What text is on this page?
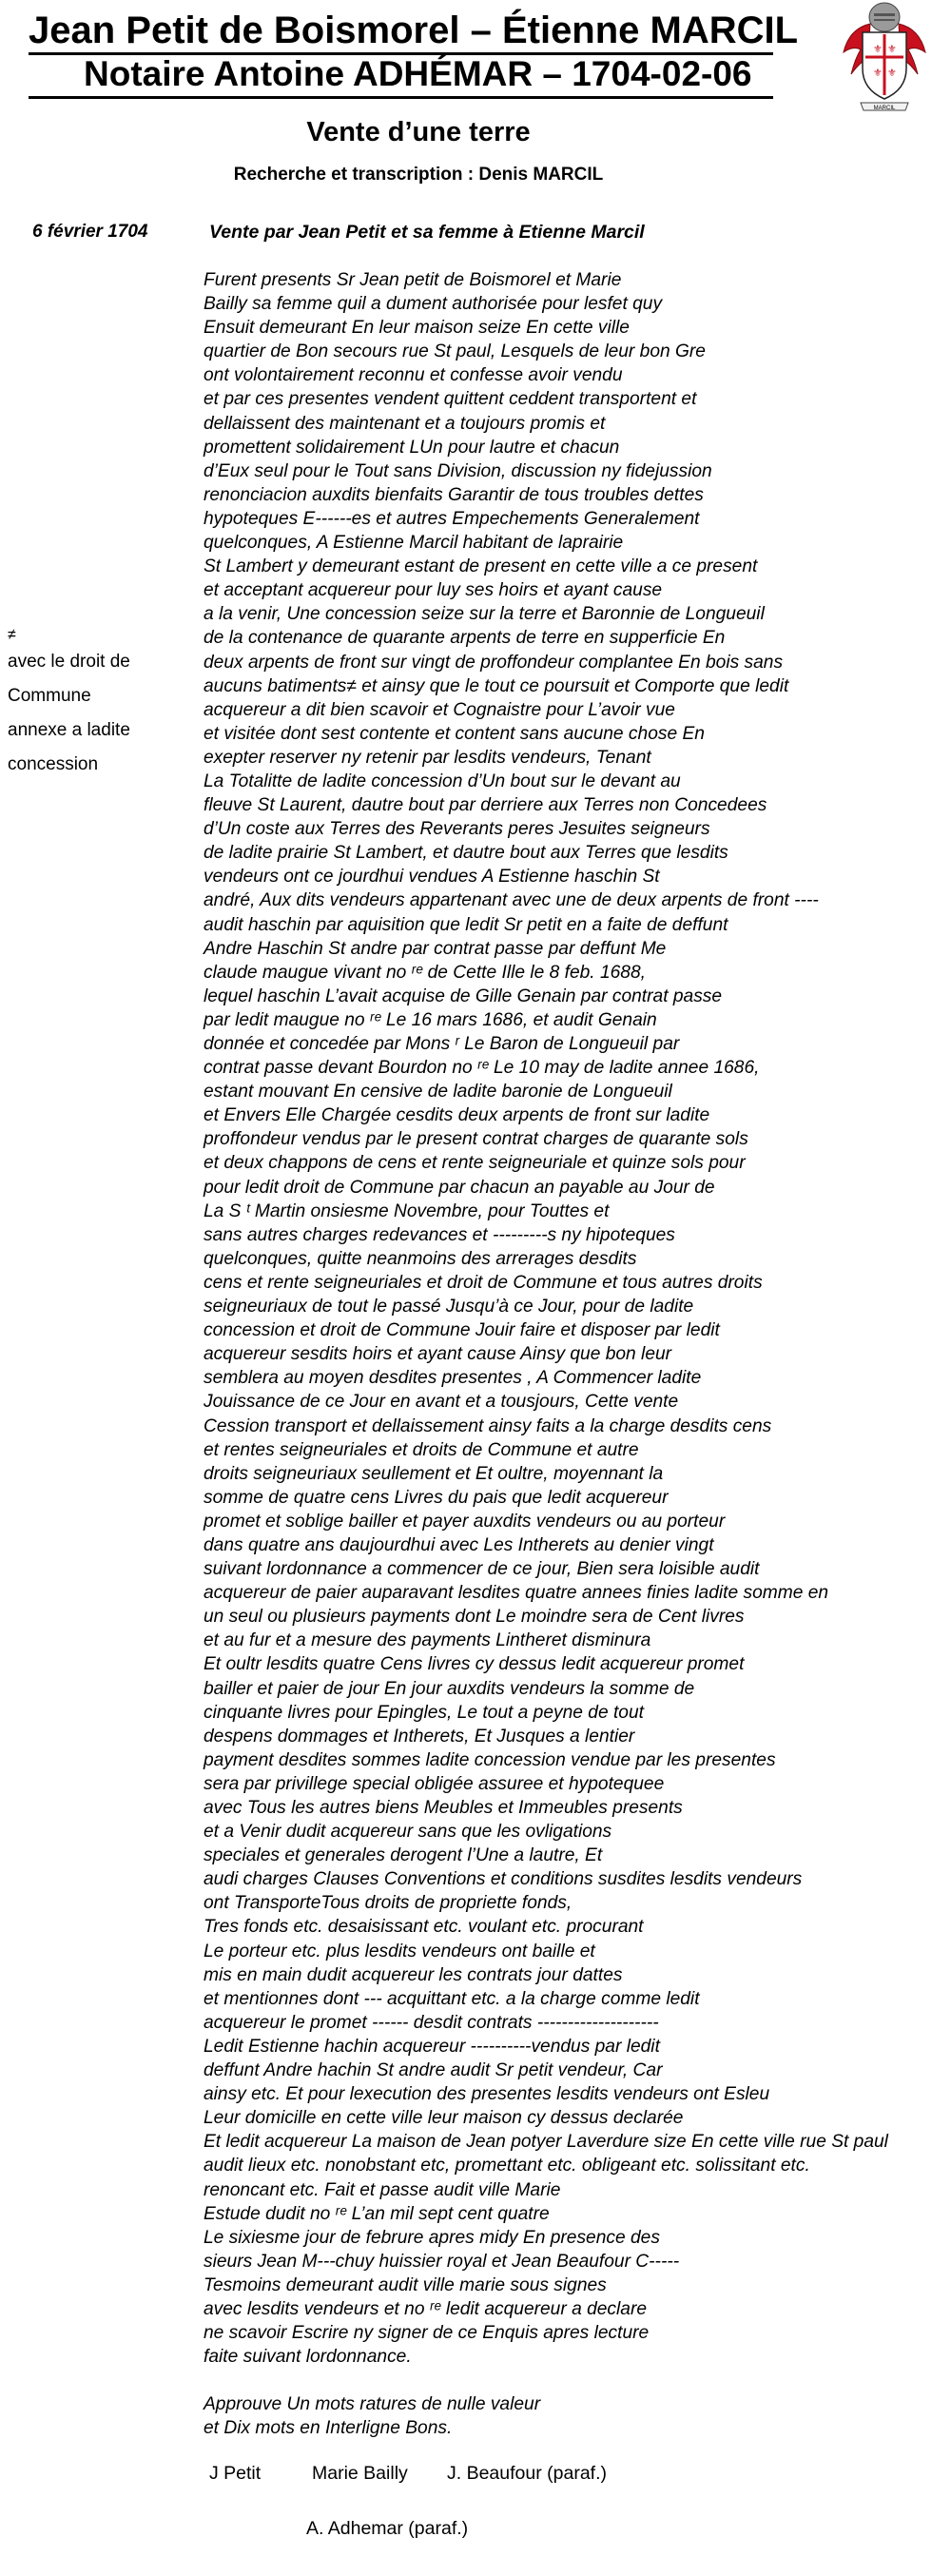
Jean Petit de Boismorel – Étienne MARCIL
Notaire Antoine ADHÉMAR – 1704-02-06
⚜ ⚜
⚜ ⚜
MARCIL
Vente d’une terre
Recherche et transcription : Denis MARCIL
6 février 1704	Vente par Jean Petit et sa femme à Etienne Marcil
≠
avec le droit de
Commune
annexe a ladite
concession
Furent presents Sr Jean petit de Boismorel et Marie
Bailly sa femme quil a dument authorisée pour lesfet quy
Ensuit demeurant En leur maison seize En cette ville
quartier de Bon secours rue St paul, Lesquels de leur bon Gre
ont volontairement reconnu et confesse avoir vendu
et par ces presentes vendent quittent ceddent transportent et
dellaissent des maintenant et a toujours promis et
promettent solidairement LUn pour lautre et chacun
d’Eux seul pour le Tout sans Division, discussion ny fidejussion
renonciacion auxdits bienfaits Garantir de tous troubles dettes
hypoteques E------es et autres Empechements Generalement
quelconques, A Estienne Marcil habitant de laprairie
St Lambert y demeurant estant de present en cette ville a ce present
et acceptant acquereur pour luy ses hoirs et ayant cause
a la venir, Une concession seize sur la terre et Baronnie de Longueuil
de la contenance de quarante arpents de terre en supperficie En
deux arpents de front sur vingt de proffondeur complantee En bois sans
aucuns batiments≠ et ainsy que le tout ce poursuit et Comporte que ledit
acquereur a dit bien scavoir et Cognaistre pour L’avoir vue
et visitée dont sest contente et content sans aucune chose En
exepter reserver ny retenir par lesdits vendeurs, Tenant
La Totalitte de ladite concession d’Un bout sur le devant au
fleuve St Laurent, dautre bout par derriere aux Terres non Concedees
d’Un coste aux Terres des Reverants peres Jesuites seigneurs
de ladite prairie St Lambert, et dautre bout aux Terres que lesdits
vendeurs ont ce jourdhui vendues A Estienne haschin St
andré, Aux dits vendeurs appartenant avec une de deux arpents de front ----
audit haschin par aquisition que ledit Sr petit en a faite de deffunt
Andre Haschin St andre par contrat passe par deffunt Me
claude maugue vivant no ʳᵉ de Cette Ille le 8 feb. 1688,
lequel haschin L’avait acquise de Gille Genain par contrat passe
par ledit maugue no ʳᵉ Le 16 mars 1686, et audit Genain
donnée et concedée par Mons ʳ Le Baron de Longueuil par
contrat passe devant Bourdon no ʳᵉ Le 10 may de ladite annee 1686,
estant mouvant En censive de ladite baronie de Longueuil
et Envers Elle Chargée cesdits deux arpents de front sur ladite
proffondeur vendus par le present contrat charges de quarante sols
et deux chappons de cens et rente seigneuriale et quinze sols pour
pour ledit droit de Commune par chacun an payable au Jour de
La S ᵗ Martin onsiesme Novembre, pour Touttes et
sans autres charges redevances et ---------s ny hipoteques
quelconques, quitte neanmoins des arrerages desdits
cens et rente seigneuriales et droit de Commune et tous autres droits
seigneuriaux de tout le passé Jusqu’à ce Jour, pour de ladite
concession et droit de Commune Jouir faire et disposer par ledit
acquereur sesdits hoirs et ayant cause Ainsy que bon leur
semblera au moyen desdites presentes , A Commencer ladite
Jouissance de ce Jour en avant et a tousjours, Cette vente
Cession transport et dellaissement ainsy faits a la charge desdits cens
et rentes seigneuriales et droits de Commune et autre
droits seigneuriaux seullement et Et oultre, moyennant la
somme de quatre cens Livres du pais que ledit acquereur
promet et soblige bailler et payer auxdits vendeurs ou au porteur
dans quatre ans daujourdhui avec Les Intherets au denier vingt
suivant lordonnance a commencer de ce jour, Bien sera loisible audit
acquereur de paier auparavant lesdites quatre annees finies ladite somme en
un seul ou plusieurs payments dont Le moindre sera de Cent livres
et au fur et a mesure des payments Lintheret disminura
Et oultr lesdits quatre Cens livres cy dessus ledit acquereur promet
bailler et paier de jour En jour auxdits vendeurs la somme de
cinquante livres pour Epingles, Le tout a peyne de tout
despens dommages et Intherets, Et Jusques a lentier
payment desdites sommes ladite concession vendue par les presentes
sera par privillege special obligée assuree et hypotequee
avec Tous les autres biens Meubles et Immeubles presents
et a Venir dudit acquereur sans que les ovligations
speciales et generales derogent l’Une a lautre, Et
audi charges Clauses Conventions et conditions susdites lesdits vendeurs
ont TransporteTous droits de propriette fonds,
Tres fonds etc. desaisissant etc. voulant etc. procurant
Le porteur etc. plus lesdits vendeurs ont baille et
mis en main dudit acquereur les contrats jour dattes
et mentionnes dont --- acquittant etc. a la charge comme ledit
acquereur le promet ------ desdit contrats --------------------
Ledit Estienne hachin acquereur ----------vendus par ledit
deffunt Andre hachin St andre audit Sr petit vendeur, Car
ainsy etc. Et pour lexecution des presentes lesdits vendeurs ont Esleu
Leur domicille en cette ville leur maison cy dessus declarée
Et ledit acquereur La maison de Jean potyer Laverdure size En cette ville rue St paul
audit lieux etc. nonobstant etc, promettant etc. obligeant etc. solissitant etc.
renoncant etc. Fait et passe audit ville Marie
Estude dudit no ʳᵉ L’an mil sept cent quatre
Le sixiesme jour de februre apres midy En presence des
sieurs Jean M---chuy huissier royal et Jean Beaufour C-----
Tesmoins demeurant audit ville marie sous signes
avec lesdits vendeurs et no ʳᵉ ledit acquereur a declare
ne scavoir Escrire ny signer de ce Enquis apres lecture
faite suivant lordonnance.
Approuve Un mots ratures de nulle valeur
et Dix mots en Interligne Bons.
J Petit	Marie Bailly J. Beaufour (paraf.)
A. Adhemar (paraf.)
